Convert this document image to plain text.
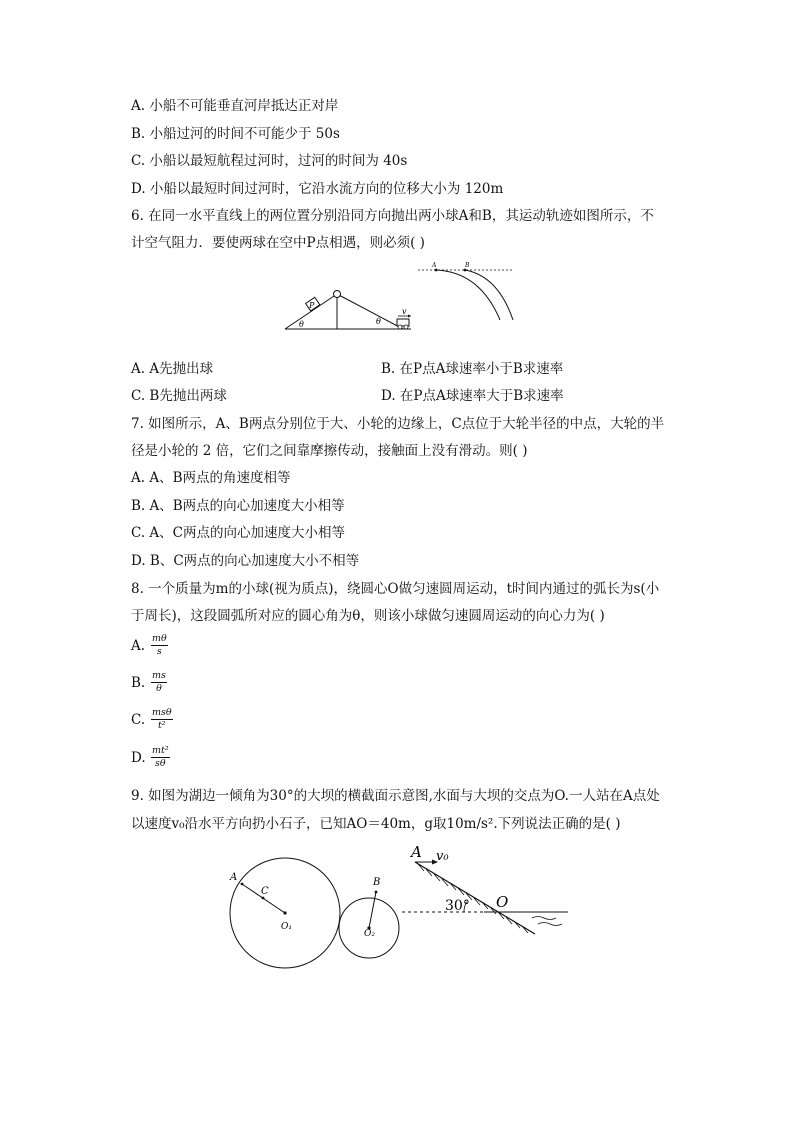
A. 小船不可能垂直河岸抵达正对岸
B. 小船过河的时间不可能少于 50s
C. 小船以最短航程过河时，过河的时间为 40s
D. 小船以最短时间过河时，它沿水流方向的位移大小为 120m
6. 在同一水平直线上的两位置分别沿同方向抛出两小球A和B，其运动轨迹如图所示，不
计空气阻力．要使两球在空中P点相遇，则必须( )
P
θ	θ
v
A	B
A. A先抛出球	B. 在P点A球速率小于B求速率
C. B先抛出两球	D. 在P点A球速率大于B求速率
7. 如图所示，A、B两点分别位于大、小轮的边缘上，C点位于大轮半径的中点，大轮的半
径是小轮的 2 倍，它们之间靠摩擦传动，接触面上没有滑动。则( )
A. A、B两点的角速度相等
B. A、B两点的向心加速度大小相等
C. A、C两点的向心加速度大小相等
D. B、C两点的向心加速度大小不相等
8. 一个质量为m的小球(视为质点)，绕圆心O做匀速圆周运动，t时间内通过的弧长为s(小
于周长)，这段圆弧所对应的圆心角为θ，则该小球做匀速圆周运动的向心力为( )
A. $\frac{m\theta}{s}$
B. $\frac{ms}{\theta}$
C. $\frac{\text{msθ}}{\text{t²}}$
D. $\frac{\text{mt²}}{s\theta}$
9. 如图为湖边一倾角为30°的大坝的横截面示意图,水面与大坝的交点为O.一人站在A点处
以速度v₀沿水平方向扔小石子，已知AO＝40m，g取10m/s².下列说法正确的是( )
A
C
B
O₁
O₂
A v₀
30° O
